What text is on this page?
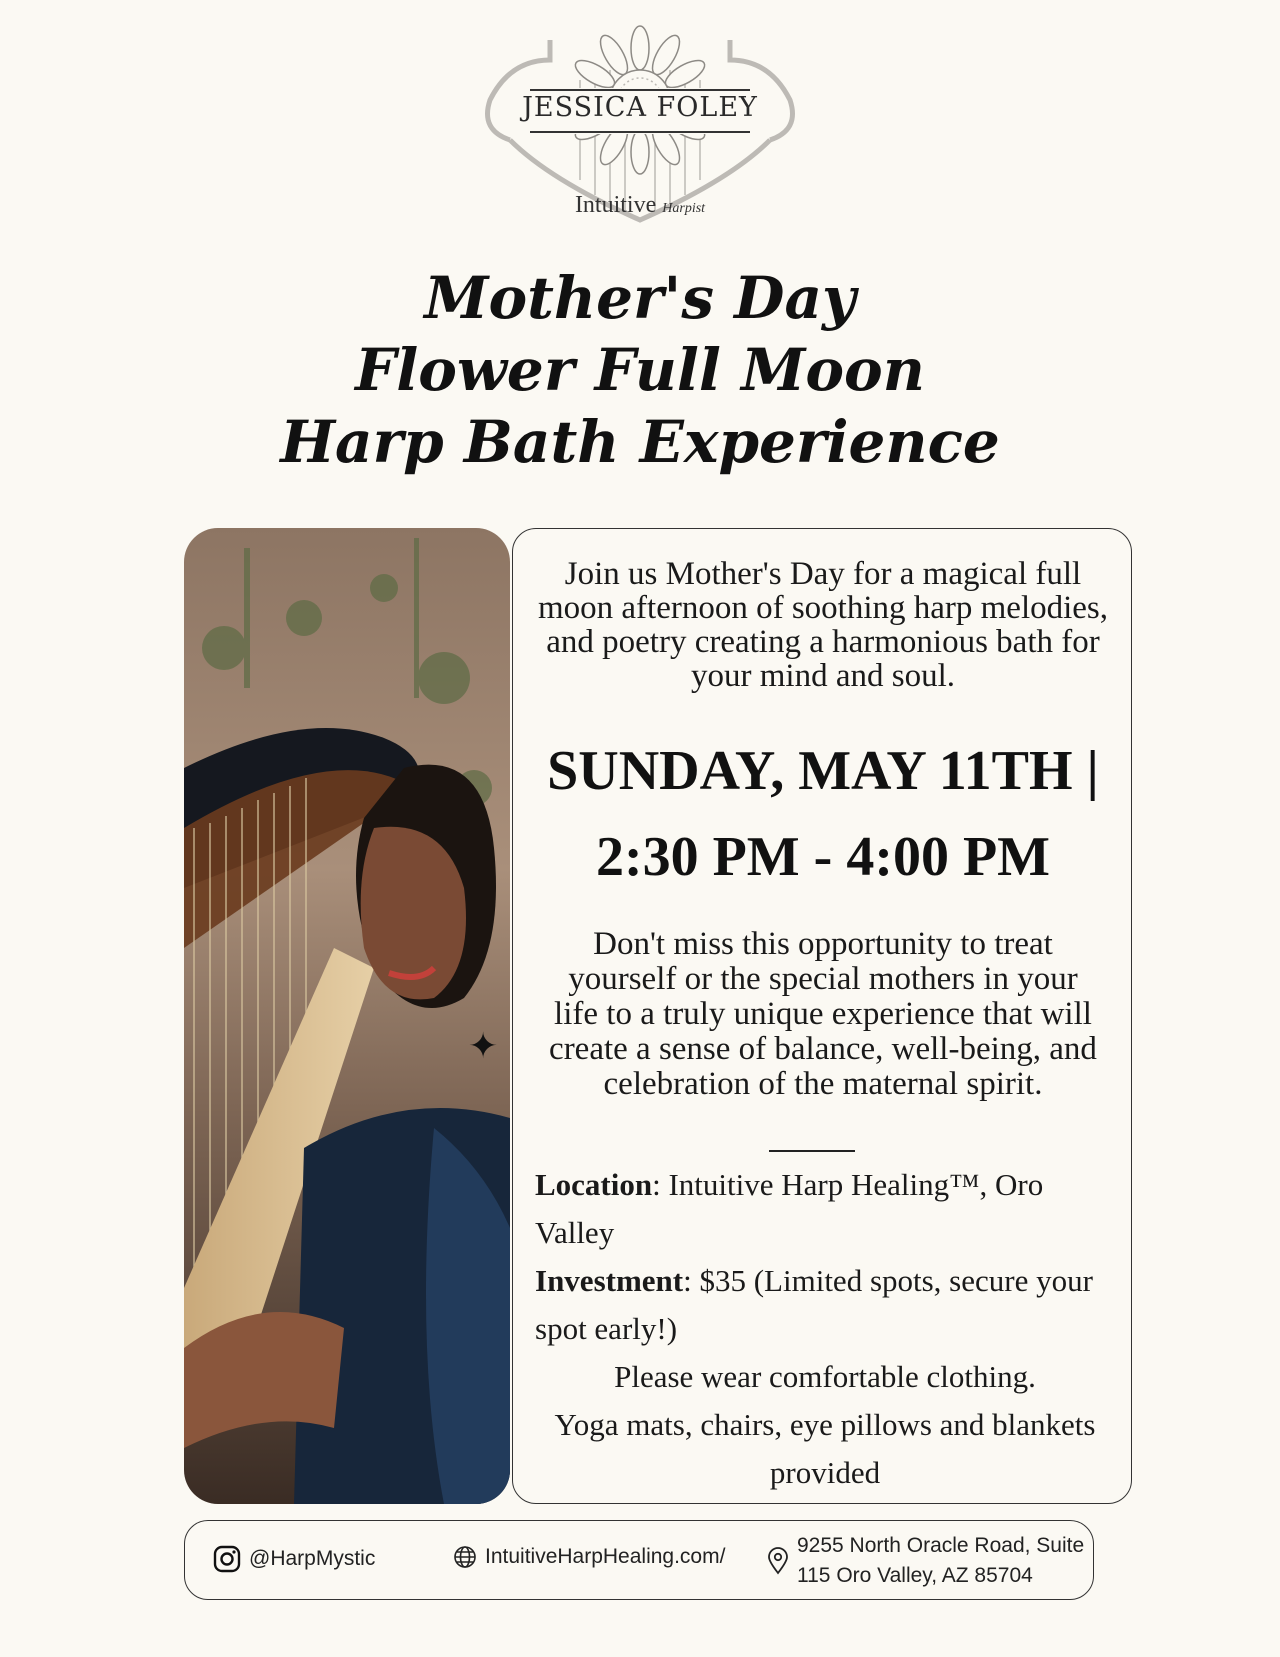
JESSICA FOLEY
Intuitive Harpist
Mother's Day
Flower Full Moon
Harp Bath Experience
✦
Join us Mother's Day for a magical full moon afternoon of soothing harp melodies, and poetry creating a harmonious bath for your mind and soul.
SUNDAY, MAY 11TH |
2:30 PM - 4:00 PM
Don't miss this opportunity to treat yourself or the special mothers in your life to a truly unique experience that will create a sense of balance, well-being, and celebration of the maternal spirit.
Location: Intuitive Harp Healing™, Oro Valley
Investment: $35 (Limited spots, secure your spot early!)
Please wear comfortable clothing.
Yoga mats, chairs, eye pillows and blankets provided
@HarpMystic	IntuitiveHarpHealing.com/	9255 North Oracle Road, Suite
115 Oro Valley, AZ 85704
